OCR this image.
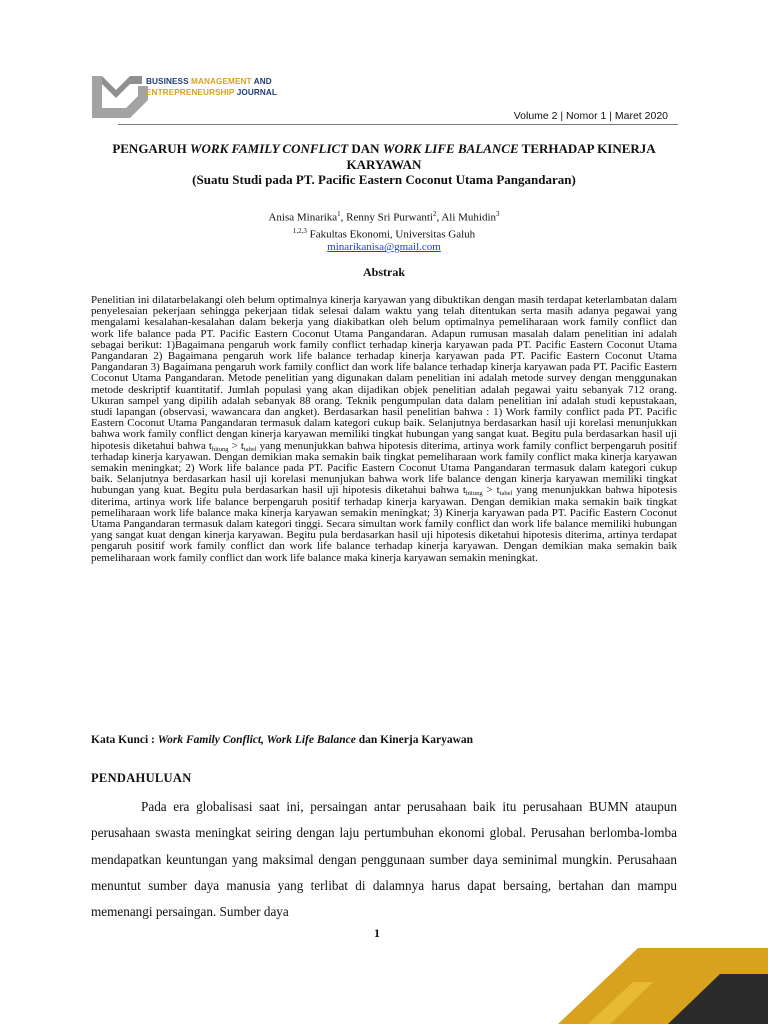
BUSINESS MANAGEMENT AND
ENTREPRENEURSHIP JOURNAL
Volume 2 | Nomor 1 | Maret 2020
PENGARUH WORK FAMILY CONFLICT DAN WORK LIFE BALANCE TERHADAP KINERJA KARYAWAN
(Suatu Studi pada PT. Pacific Eastern Coconut Utama Pangandaran)
Anisa Minarika$^1$, Renny Sri Purwanti$^2$, Ali Muhidin$^3$
$^{1,2,3}$ Fakultas Ekonomi, Universitas Galuh
minarikanisa@gmail.com
Abstrak
Penelitian ini dilatarbelakangi oleh belum optimalnya kinerja karyawan yang dibuktikan dengan masih terdapat keterlambatan dalam penyelesaian pekerjaan sehingga pekerjaan tidak selesai dalam waktu yang telah ditentukan serta masih adanya pegawai yang mengalami kesalahan-kesalahan dalam bekerja yang diakibatkan oleh belum optimalnya pemeliharaan work family conflict dan work life balance pada PT. Pacific Eastern Coconut Utama Pangandaran. Adapun rumusan masalah dalam penelitian ini adalah sebagai berikut: 1)Bagaimana pengaruh work family conflict terhadap kinerja karyawan pada PT. Pacific Eastern Coconut Utama Pangandaran 2) Bagaimana pengaruh work life balance terhadap kinerja karyawan pada PT. Pacific Eastern Coconut Utama Pangandaran 3) Bagaimana pengaruh work family conflict dan work life balance terhadap kinerja karyawan pada PT. Pacific Eastern Coconut Utama Pangandaran. Metode penelitian yang digunakan dalam penelitian ini adalah metode survey dengan menggunakan metode deskriptif kuantitatif. Jumlah populasi yang akan dijadikan objek penelitian adalah pegawai yaitu sebanyak 712 orang. Ukuran sampel yang dipilih adalah sebanyak 88 orang. Teknik pengumpulan data dalam penelitian ini adalah studi kepustakaan, studi lapangan (observasi, wawancara dan angket). Berdasarkan hasil penelitian bahwa : 1) Work family conflict pada PT. Pacific Eastern Coconut Utama Pangandaran termasuk dalam kategori cukup baik. Selanjutnya berdasarkan hasil uji korelasi menunjukkan bahwa work family conflict dengan kinerja karyawan memiliki tingkat hubungan yang sangat kuat. Begitu pula berdasarkan hasil uji hipotesis diketahui bahwa $t_{hitung} > t_{tabel}$ yang menunjukkan bahwa hipotesis diterima, artinya work family conflict berpengaruh positif terhadap kinerja karyawan. Dengan demikian maka semakin baik tingkat pemeliharaan work family conflict maka kinerja karyawan semakin meningkat; 2) Work life balance pada PT. Pacific Eastern Coconut Utama Pangandaran termasuk dalam kategori cukup baik. Selanjutnya berdasarkan hasil uji korelasi menunjukan bahwa work life balance dengan kinerja karyawan memiliki tingkat hubungan yang kuat. Begitu pula berdasarkan hasil uji hipotesis diketahui bahwa $t_{hitung} > t_{tabel}$ yang menunjukkan bahwa hipotesis diterima, artinya work life balance berpengaruh positif terhadap kinerja karyawan. Dengan demikian maka semakin baik tingkat pemeliharaan work life balance maka kinerja karyawan semakin meningkat; 3) Kinerja karyawan pada PT. Pacific Eastern Coconut Utama Pangandaran termasuk dalam kategori tinggi. Secara simultan work family conflict dan work life balance memiliki hubungan yang sangat kuat dengan kinerja karyawan. Begitu pula berdasarkan hasil uji hipotesis diketahui hipotesis diterima, artinya terdapat pengaruh positif work family conflict dan work life balance terhadap kinerja karyawan. Dengan demikian maka semakin baik pemeliharaan work family conflict dan work life balance maka kinerja karyawan semakin meningkat.
Kata Kunci : Work Family Conflict, Work Life Balance dan Kinerja Karyawan
PENDAHULUAN

Pada era globalisasi saat ini, persaingan antar perusahaan baik itu perusahaan BUMN ataupun perusahaan swasta meningkat seiring dengan laju pertumbuhan ekonomi global. Perusahan berlomba-lomba mendapatkan keuntungan yang maksimal dengan penggunaan sumber daya seminimal mungkin. Perusahaan menuntut sumber daya manusia yang terlibat di dalamnya harus dapat bersaing, bertahan dan mampu memenangi persaingan. Sumber daya

1
